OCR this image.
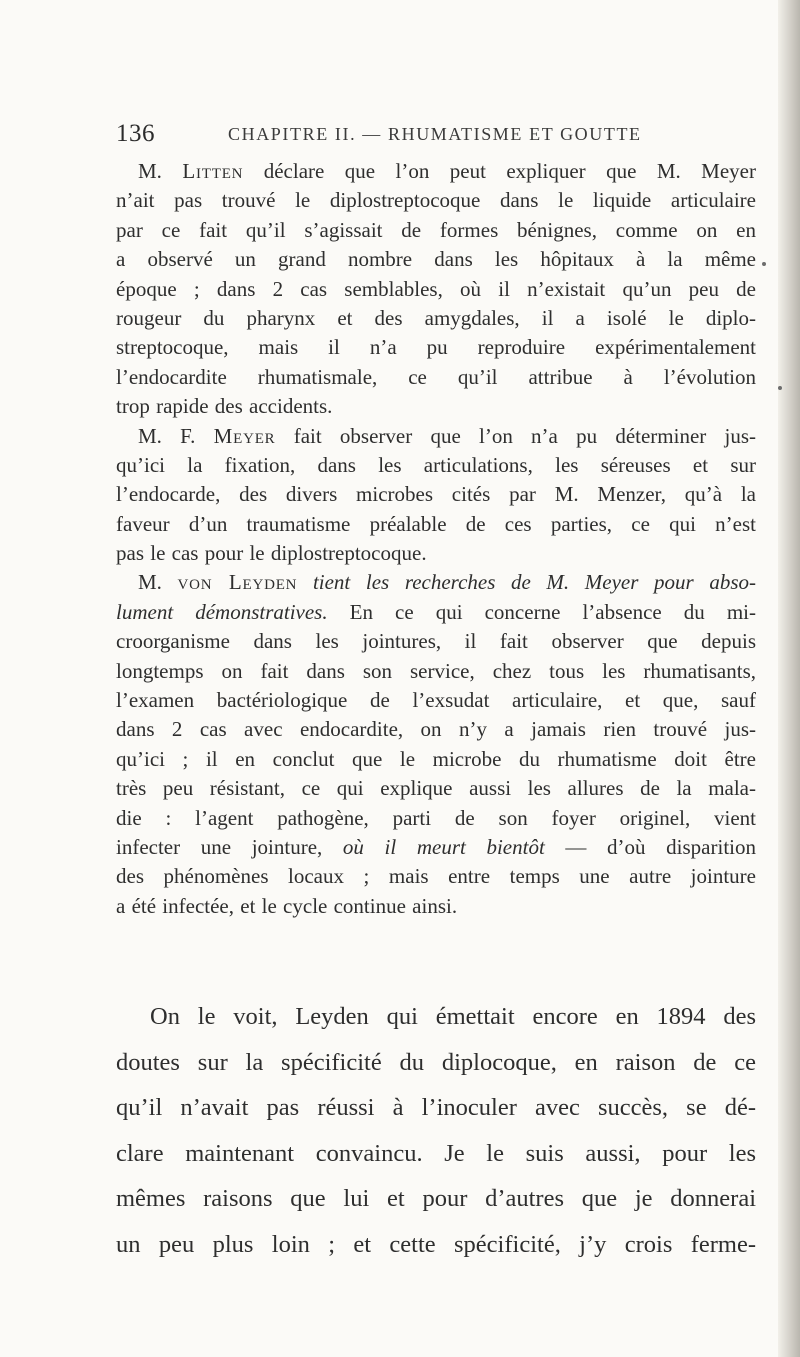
136	CHAPITRE II. — RHUMATISME ET GOUTTE
M. Litten déclare que l’on peut expliquer que M. Meyer
n’ait pas trouvé le diplostreptocoque dans le liquide articulaire
par ce fait qu’il s’agissait de formes bénignes, comme on en
a observé un grand nombre dans les hôpitaux à la même
époque ; dans 2 cas semblables, où il n’existait qu’un peu de
rougeur du pharynx et des amygdales, il a isolé le diplo-
streptocoque, mais il n’a pu reproduire expérimentalement
l’endocardite rhumatismale, ce qu’il attribue à l’évolution
trop rapide des accidents.
M. F. Meyer fait observer que l’on n’a pu déterminer jus-
qu’ici la fixation, dans les articulations, les séreuses et sur
l’endocarde, des divers microbes cités par M. Menzer, qu’à la
faveur d’un traumatisme préalable de ces parties, ce qui n’est
pas le cas pour le diplostreptocoque.
M. von Leyden tient les recherches de M. Meyer pour abso-
lument démonstratives. En ce qui concerne l’absence du mi-
croorganisme dans les jointures, il fait observer que depuis
longtemps on fait dans son service, chez tous les rhumatisants,
l’examen bactériologique de l’exsudat articulaire, et que, sauf
dans 2 cas avec endocardite, on n’y a jamais rien trouvé jus-
qu’ici ; il en conclut que le microbe du rhumatisme doit être
très peu résistant, ce qui explique aussi les allures de la mala-
die : l’agent pathogène, parti de son foyer originel, vient
infecter une jointure, où il meurt bientôt — d’où disparition
des phénomènes locaux ; mais entre temps une autre jointure
a été infectée, et le cycle continue ainsi.
On le voit, Leyden qui émettait encore en 1894 des
doutes sur la spécificité du diplocoque, en raison de ce
qu’il n’avait pas réussi à l’inoculer avec succès, se dé-
clare maintenant convaincu. Je le suis aussi, pour les
mêmes raisons que lui et pour d’autres que je donnerai
un peu plus loin ; et cette spécificité, j’y crois ferme-
